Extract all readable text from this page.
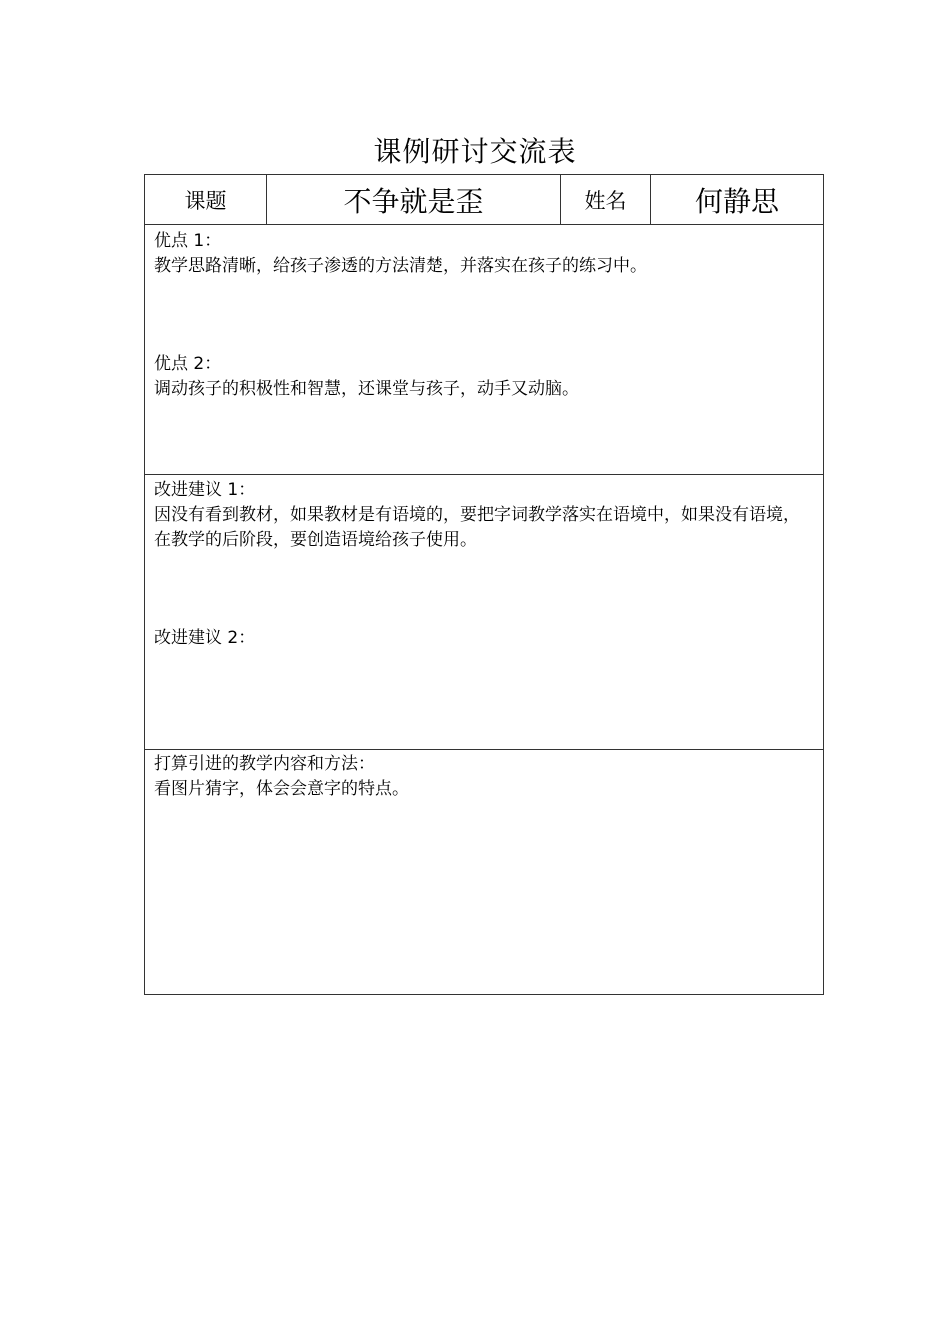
课例研讨交流表
课题	不争就是歪	姓名	何静思

优点 1：

教学思路清晰，给孩子渗透的方法清楚，并落实在孩子的练习中。

优点 2：

调动孩子的积极性和智慧，还课堂与孩子，动手又动脑。

改进建议 1：

因没有看到教材，如果教材是有语境的，要把字词教学落实在语境中，如果没有语境，在教学的后阶段，要创造语境给孩子使用。

改进建议 2：

打算引进的教学内容和方法：

看图片猜字，体会会意字的特点。
